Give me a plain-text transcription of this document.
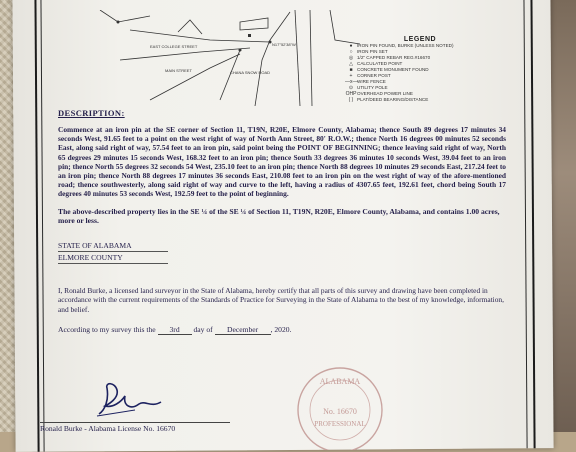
EAST COLLEGE STREET
MAIN STREET	CHANA SNOW ROAD
N17°52'38"W
LEGEND
● IRON PIN FOUND, BURKE (UNLESS NOTED)
○ IRON PIN SET
◎ 1/2" CAPPED REBAR REG.#16670
△ CALCULATED POINT
■ CONCRETE MONUMENT FOUND
+ CORNER POST
—x— WIRE FENCE
⊙ UTILITY POLE
OHP OVERHEAD POWER LINE
( ) PLAT/DEED BEARING/DISTANCE
DESCRIPTION:
Commence at an iron pin at the SE corner of Section 11, T19N, R20E, Elmore County, Alabama; thence South 89 degrees 17 minutes 34 seconds West, 91.65 feet to a point on the west right of way of North Ann Street, 80' R.O.W.; thence North 16 degrees 00 minutes 52 seconds East, along said right of way, 57.54 feet to an iron pin, said point being the POINT OF BEGINNING; thence leaving said right of way, North 65 degrees 29 minutes 15 seconds West, 168.32 feet to an iron pin; thence South 33 degrees 36 minutes 10 seconds West, 39.04 feet to an iron pin; thence North 55 degrees 32 seconds 54 West, 235.10 feet to an iron pin; thence North 88 degrees 10 minutes 29 seconds East, 217.24 feet to an iron pin; thence North 88 degrees 17 minutes 36 seconds East, 210.08 feet to an iron pin on the west right of way of the afore-mentioned road; thence southwesterly, along said right of way and curve to the left, having a radius of 4307.65 feet, 192.61 feet, chord being South 17 degrees 40 minutes 53 seconds West, 192.59 feet to the point of beginning.
The above-described property lies in the SE ¼ of the SE ¼ of Section 11, T19N, R20E, Elmore County, Alabama, and contains 1.00 acres, more or less.
STATE OF ALABAMA
ELMORE COUNTY
I, Ronald Burke, a licensed land surveyor in the State of Alabama, hereby certify that all parts of this survey and drawing have been completed in accordance with the current requirements of the Standards of Practice for Surveying in the State of Alabama to the best of my knowledge, information, and belief.
According to my survey this the 3rd day of December , 2020.
Ronald Burke - Alabama License No. 16670
ALABAMA
No. 16670
PROFESSIONAL
